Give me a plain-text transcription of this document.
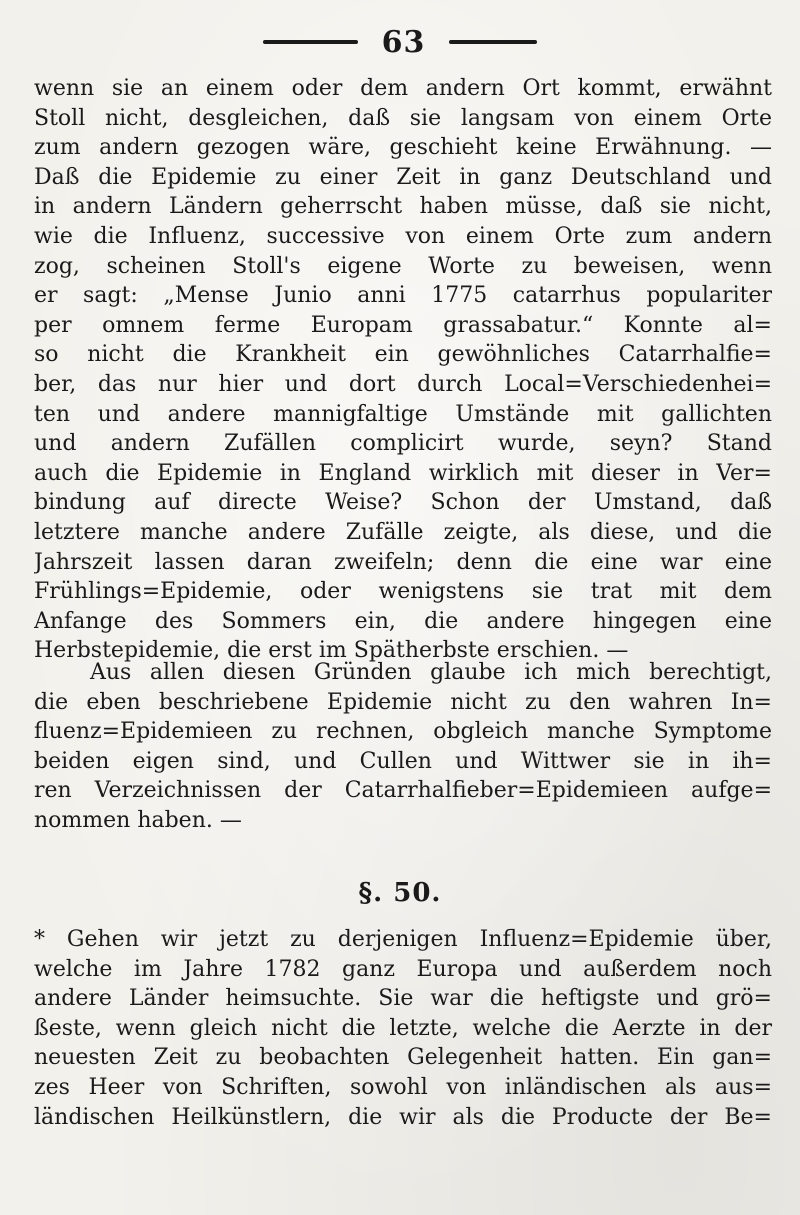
63
wenn sie an einem oder dem andern Ort kommt, erwähnt
Stoll nicht, desgleichen, daß sie langsam von einem Orte
zum andern gezogen wäre, geschieht keine Erwähnung. —
Daß die Epidemie zu einer Zeit in ganz Deutschland und
in andern Ländern geherrscht haben müsse, daß sie nicht,
wie die Influenz, successive von einem Orte zum andern
zog, scheinen Stoll's eigene Worte zu beweisen, wenn
er sagt: „Mense Junio anni 1775 catarrhus populariter
per omnem ferme Europam grassabatur.“ Konnte al=
so nicht die Krankheit ein gewöhnliches Catarrhalfie=
ber, das nur hier und dort durch Local=Verschiedenhei=
ten und andere mannigfaltige Umstände mit gallichten
und andern Zufällen complicirt wurde, seyn? Stand
auch die Epidemie in England wirklich mit dieser in Ver=
bindung auf directe Weise? Schon der Umstand, daß
letztere manche andere Zufälle zeigte, als diese, und die
Jahrszeit lassen daran zweifeln; denn die eine war eine
Frühlings=Epidemie, oder wenigstens sie trat mit dem
Anfange des Sommers ein, die andere hingegen eine
Herbstepidemie, die erst im Spätherbste erschien. —
Aus allen diesen Gründen glaube ich mich berechtigt,
die eben beschriebene Epidemie nicht zu den wahren In=
fluenz=Epidemieen zu rechnen, obgleich manche Symptome
beiden eigen sind, und Cullen und Wittwer sie in ih=
ren Verzeichnissen der Catarrhalfieber=Epidemieen aufge=
nommen haben. —
§. 50.
* Gehen wir jetzt zu derjenigen Influenz=Epidemie über,
welche im Jahre 1782 ganz Europa und außerdem noch
andere Länder heimsuchte. Sie war die heftigste und grö=
ßeste, wenn gleich nicht die letzte, welche die Aerzte in der
neuesten Zeit zu beobachten Gelegenheit hatten. Ein gan=
zes Heer von Schriften, sowohl von inländischen als aus=
ländischen Heilkünstlern, die wir als die Producte der Be=
